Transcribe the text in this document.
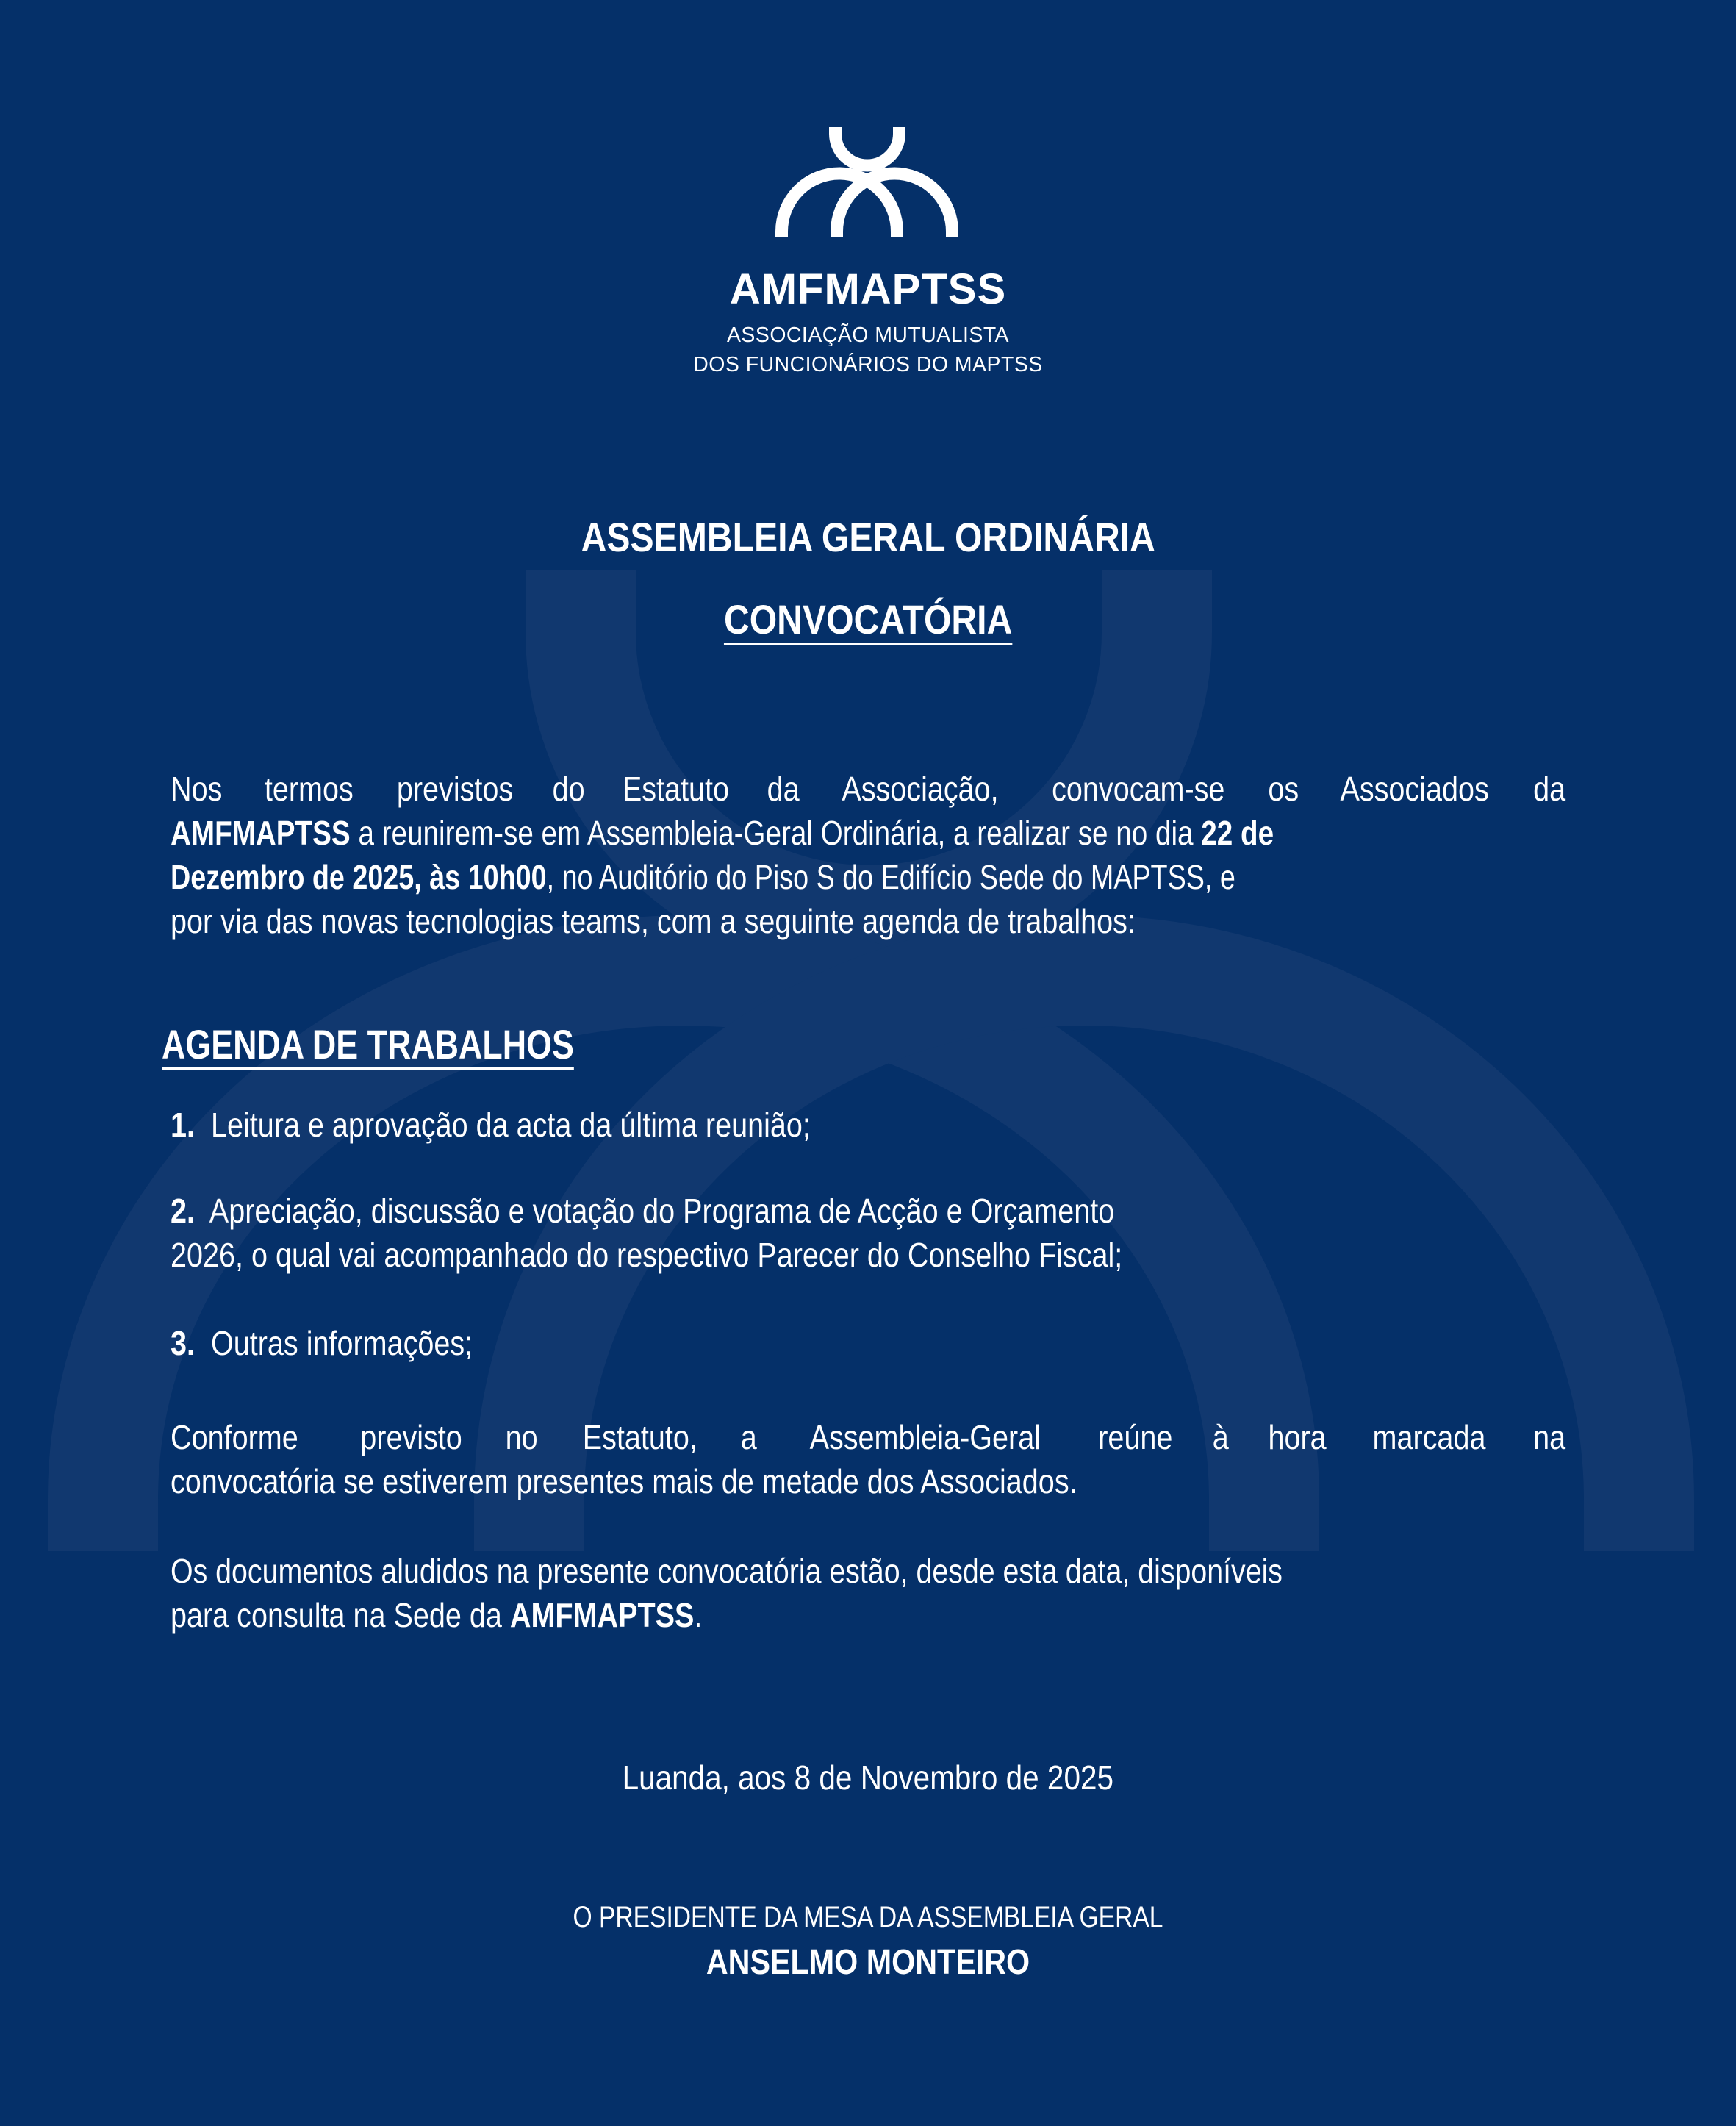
AMFMAPTSS
ASSOCIAÇÃO MUTUALISTA
DOS FUNCIONÁRIOS DO MAPTSS
ASSEMBLEIA GERAL ORDINÁRIA
CONVOCATÓRIA
Nos termos previstos do Estatuto da Associação, convocam-se os Associados da
AMFMAPTSS a reunirem-se em Assembleia-Geral Ordinária, a realizar se no dia 22 de
Dezembro de 2025, às 10h00, no Auditório do Piso S do Edifício Sede do MAPTSS, e
por via das novas tecnologias teams, com a seguinte agenda de trabalhos:
AGENDA DE TRABALHOS
1. Leitura e aprovação da acta da última reunião;
2. Apreciação, discussão e votação do Programa de Acção e Orçamento
2026, o qual vai acompanhado do respectivo Parecer do Conselho Fiscal;
3. Outras informações;
Conforme previsto no Estatuto, a Assembleia-Geral reúne à hora marcada na
convocatória se estiverem presentes mais de metade dos Associados.
Os documentos aludidos na presente convocatória estão, desde esta data, disponíveis
para consulta na Sede da AMFMAPTSS.
Luanda, aos 8 de Novembro de 2025
O PRESIDENTE DA MESA DA ASSEMBLEIA GERAL
ANSELMO MONTEIRO
